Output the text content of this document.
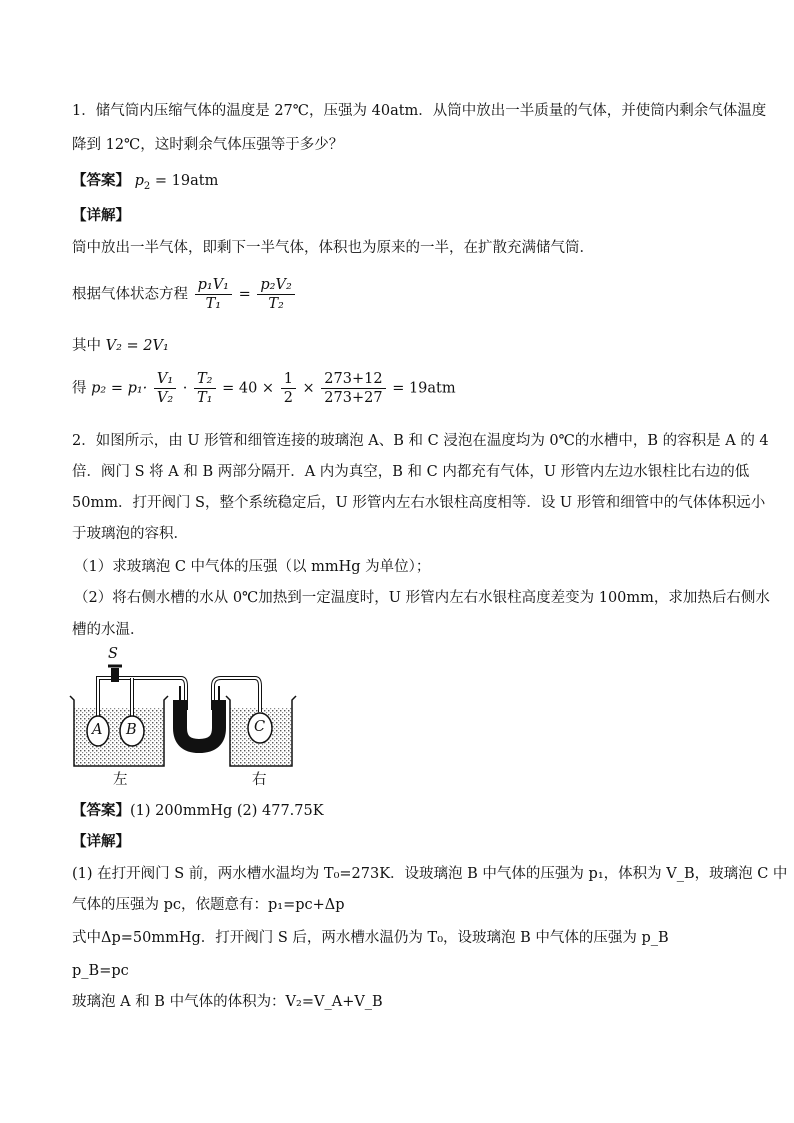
1．储气筒内压缩气体的温度是 27℃，压强为 40atm．从筒中放出一半质量的气体，并使筒内剩余气体温度
降到 12℃，这时剩余气体压强等于多少？
【答案】 $p_2 = 19atm$
【详解】
筒中放出一半气体，即剩下一半气体，体积也为原来的一半，在扩散充满储气筒．
根据气体状态方程 $\frac{\text{p₁V₁}}{\text{T₁}} = \frac{\text{p₂V₂}}{\text{T₂}}$
其中 V₂ = 2V₁
得 $p_2 = p_1\cdot \frac{\text{V₁}}{\text{V₂}} \cdot \frac{\text{T₂}}{\text{T₁}} = 40 \times \frac{1}{2} \times \frac{273+12}{273+27} = 19atm$
2．如图所示，由 U 形管和细管连接的玻璃泡 A、B 和 C 浸泡在温度均为 0℃的水槽中，B 的容积是 A 的 4
倍．阀门 S 将 A 和 B 两部分隔开．A 内为真空，B 和 C 内都充有气体，U 形管内左边水银柱比右边的低
50mm．打开阀门 S，整个系统稳定后，U 形管内左右水银柱高度相等．设 U 形管和细管中的气体体积远小
于玻璃泡的容积．
（1）求玻璃泡 C 中气体的压强（以 mmHg 为单位）；
（2）将右侧水槽的水从 0℃加热到一定温度时，U 形管内左右水银柱高度差变为 100mm，求加热后右侧水
槽的水温．
S
A B	C
左	右
【答案】(1) 200mmHg (2) 477.75K
【详解】
(1) 在打开阀门 S 前，两水槽水温均为 T₀=273K．设玻璃泡 B 中气体的压强为 p₁，体积为 V_B，玻璃泡 C 中
气体的压强为 pc，依题意有：p₁=pc+Δp
式中Δp=50mmHg．打开阀门 S 后，两水槽水温仍为 T₀，设玻璃泡 B 中气体的压强为 p_B
p_B=pc
玻璃泡 A 和 B 中气体的体积为：V₂=V_A+V_B
